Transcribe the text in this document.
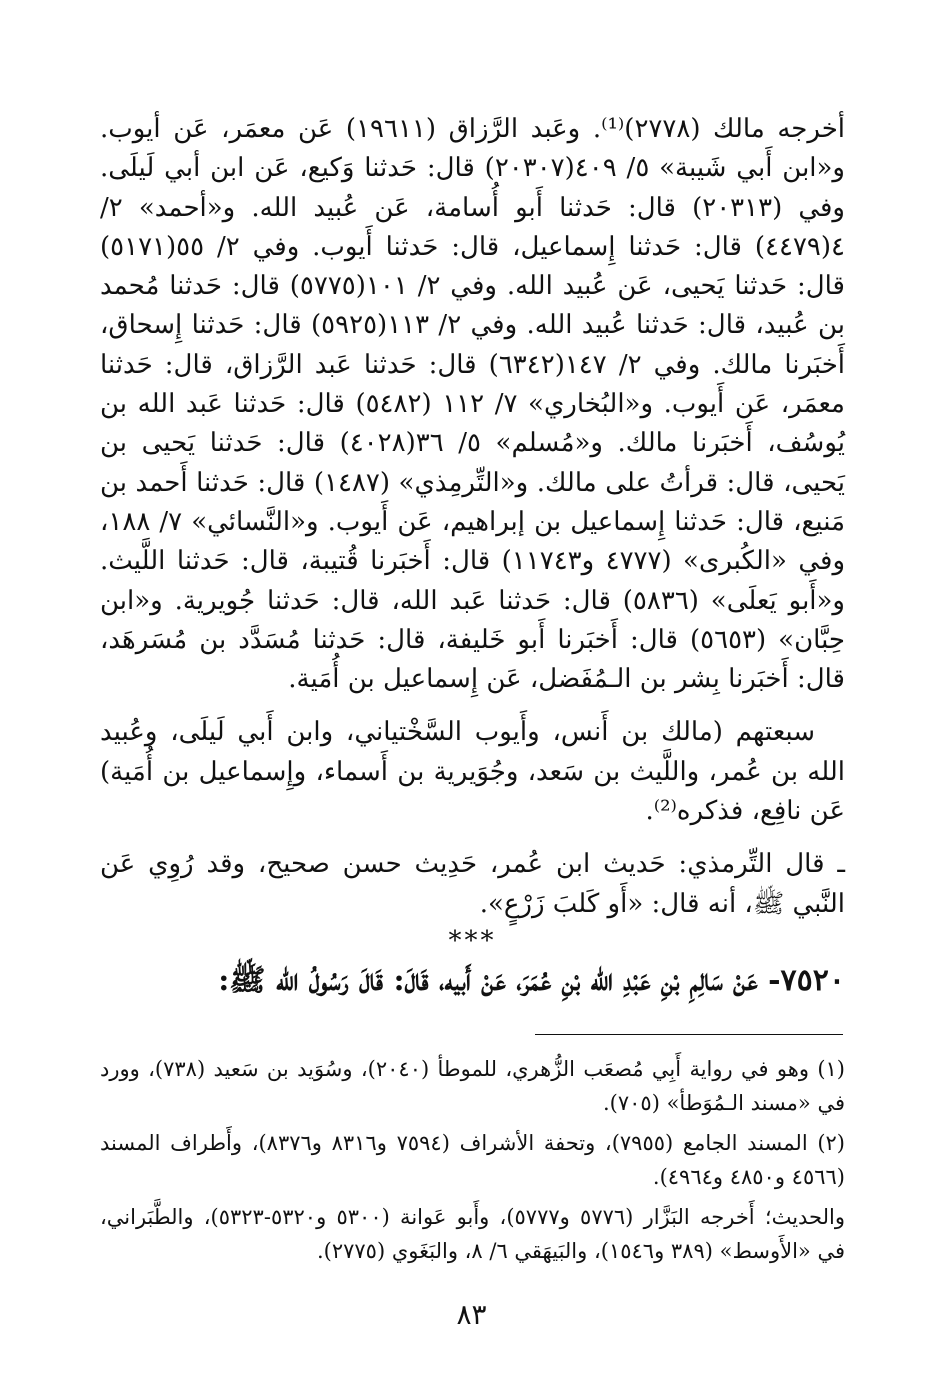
أخرجه مالك (٢٧٧٨)⁽¹⁾. وعَبد الرَّزاق (١٩٦١١) عَن معمَر، عَن أيوب. و«ابن أَبي شَيبة» ٥/ ٤٠٩(٢٠٣٠٧) قال: حَدثنا وَكيع، عَن ابن أبي لَيلَى. وفي (٢٠٣١٣) قال: حَدثنا أَبو أُسامة، عَن عُبيد الله. و«أحمد» ٢/ ٤(٤٤٧٩) قال: حَدثنا إِسماعيل، قال: حَدثنا أَيوب. وفي ٢/ ٥٥(٥١٧١) قال: حَدثنا يَحيى، عَن عُبيد الله. وفي ٢/ ١٠١(٥٧٧٥) قال: حَدثنا مُحمد بن عُبيد، قال: حَدثنا عُبيد الله. وفي ٢/ ١١٣(٥٩٢٥) قال: حَدثنا إِسحاق، أَخبَرنا مالك. وفي ٢/ ١٤٧(٦٣٤٢) قال: حَدثنا عَبد الرَّزاق، قال: حَدثنا معمَر، عَن أَيوب. و«البُخاري» ٧/ ١١٢ (٥٤٨٢) قال: حَدثنا عَبد الله بن يُوسُف، أَخبَرنا مالك. و«مُسلم» ٥/ ٣٦(٤٠٢٨) قال: حَدثنا يَحيى بن يَحيى، قال: قرأتُ على مالك. و«التِّرمِذي» (١٤٨٧) قال: حَدثنا أَحمد بن مَنيع، قال: حَدثنا إِسماعيل بن إبراهيم، عَن أَيوب. و«النَّسائي» ٧/ ١٨٨، وفي «الكُبرى» (٤٧٧٧ و١١٧٤٣) قال: أَخبَرنا قُتيبة، قال: حَدثنا اللَّيث. و«أَبو يَعلَى» (٥٨٣٦) قال: حَدثنا عَبد الله، قال: حَدثنا جُويرية. و«ابن حِبَّان» (٥٦٥٣) قال: أَخبَرنا أَبو خَليفة، قال: حَدثنا مُسَدَّد بن مُسَرهَد، قال: أَخبَرنا بِشر بن الـمُفَضل، عَن إِسماعيل بن أُمَية.

سبعتهم (مالك بن أَنس، وأَيوب السَّخْتياني، وابن أَبي لَيلَى، وعُبيد الله بن عُمر، واللَّيث بن سَعد، وجُوَيرية بن أَسماء، وإِسماعيل بن أُمَية) عَن نافِع، فذكره⁽²⁾.

ـ قال التِّرمذي: حَديث ابن عُمر، حَدِيث حسن صحيح، وقد رُوِي عَن النَّبي ﷺ، أنه قال: «أَو كَلبَ زَرْعٍ».

***
٧٥٢٠- عَنْ سَالِمِ بْنِ عَبْدِ الله بْنِ عُمَرَ، عَنْ أَبيه، قَالَ: قَالَ رَسُولُ الله ﷺ:

(١) وهو في رواية أَبِي مُصعَب الزُّهري، للموطأ (٢٠٤٠)، وسُوَيد بن سَعيد (٧٣٨)، وورد في «مسند الـمُوَطأ» (٧٠٥).

(٢) المسند الجامع (٧٩٥٥)، وتحفة الأشراف (٧٥٩٤ و٨٣١٦ و٨٣٧٦)، وأَطراف المسند (٤٥٦٦ و٤٨٥٠ و٤٩٦٤).

والحديث؛ أَخرجه البَزَّار (٥٧٧٦ و٥٧٧٧)، وأَبو عَوانة (٥٣٠٠ و٥٣٢٠-٥٣٢٣)، والطَّبَراني، في «الأَوسط» (٣٨٩ و١٥٤٦)، والبَيهَقي ٦/ ٨، والبَغَوي (٢٧٧٥).

٨٣
